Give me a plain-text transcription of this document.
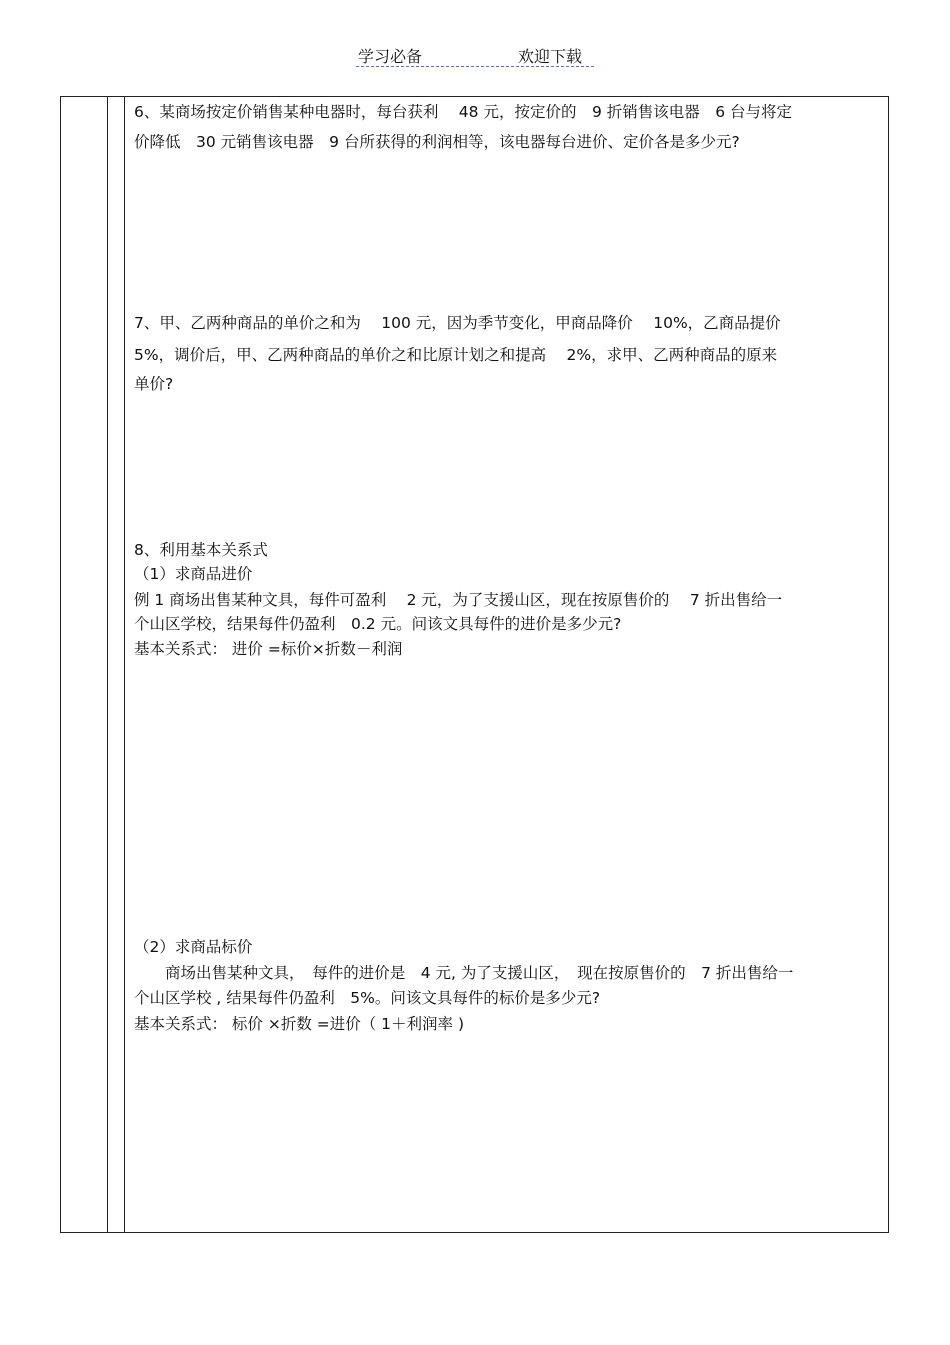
学习必备	欢迎下载
6、某商场按定价销售某种电器时，每台获利　 48 元，按定价的　9 折销售该电器　6 台与将定
价降低　30 元销售该电器　9 台所获得的利润相等，该电器每台进价、定价各是多少元?
7、甲、乙两种商品的单价之和为　 100 元，因为季节变化，甲商品降价　 10%，乙商品提价
5%，调价后，甲、乙两种商品的单价之和比原计划之和提高　 2%，求甲、乙两种商品的原来
单价?
8、利用基本关系式
（1）求商品进价
例 1 商场出售某种文具，每件可盈利　 2 元，为了支援山区，现在按原售价的　 7 折出售给一
个山区学校，结果每件仍盈利　0.2 元。问该文具每件的进价是多少元?
基本关系式： 进价 =标价×折数－利润
（2）求商品标价
　　商场出售某种文具，　每件的进价是　4 元, 为了支援山区，　现在按原售价的　7 折出售给一
个山区学校 , 结果每件仍盈利　5%。问该文具每件的标价是多少元?
基本关系式： 标价 ×折数 =进价（ 1＋利润率 )
